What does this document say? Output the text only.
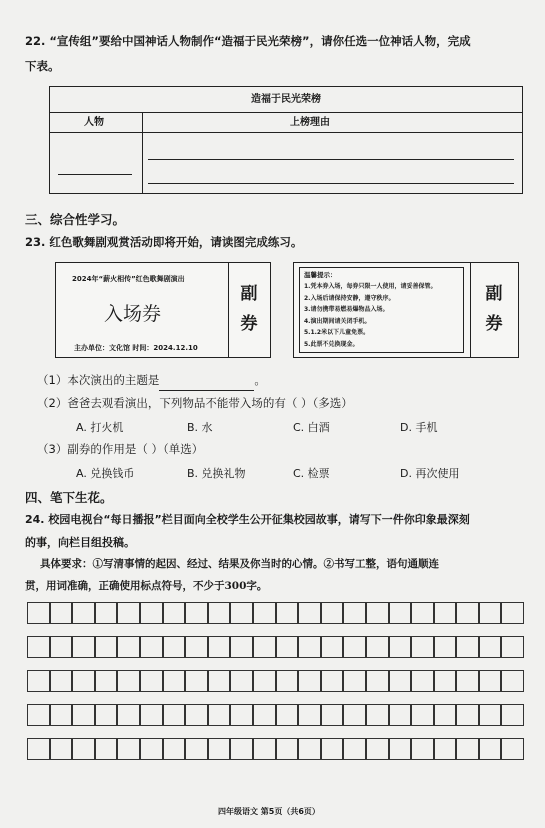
22. “宣传组”要给中国神话人物制作“造福于民光荣榜”，请你任选一位神话人物，完成
下表。
造福于民光荣榜
人物	上榜理由
三、综合性学习。
23. 红色歌舞剧观赏活动即将开始，请读图完成练习。
2024年“薪火相传”红色歌舞剧演出
入场券
主办单位：文化馆 时间：2024.12.10
副券
温馨提示：
1.凭本券入场，每券只限一人使用，请妥善保管。
2.入场后请保持安静，遵守秩序。
3.请勿携带易燃易爆物品入场。
4.演出期间请关闭手机。
5.1.2米以下儿童免票。
5.此票不兑换现金。
副券
（1）本次演出的主题是	。
（2）爸爸去观看演出，下列物品不能带入场的有（ ）（多选）
A. 打火机	B. 水	C. 白酒	D. 手机
（3）副券的作用是（ ）（单选）
A. 兑换钱币	B. 兑换礼物	C. 检票	D. 再次使用
四、笔下生花。
24. 校园电视台“每日播报”栏目面向全校学生公开征集校园故事，请写下一件你印象最深刻
的事，向栏目组投稿。
具体要求：①写清事情的起因、经过、结果及你当时的心情。②书写工整，语句通顺连
贯，用词准确，正确使用标点符号，不少于300字。
四年级语文 第5页（共6页）
